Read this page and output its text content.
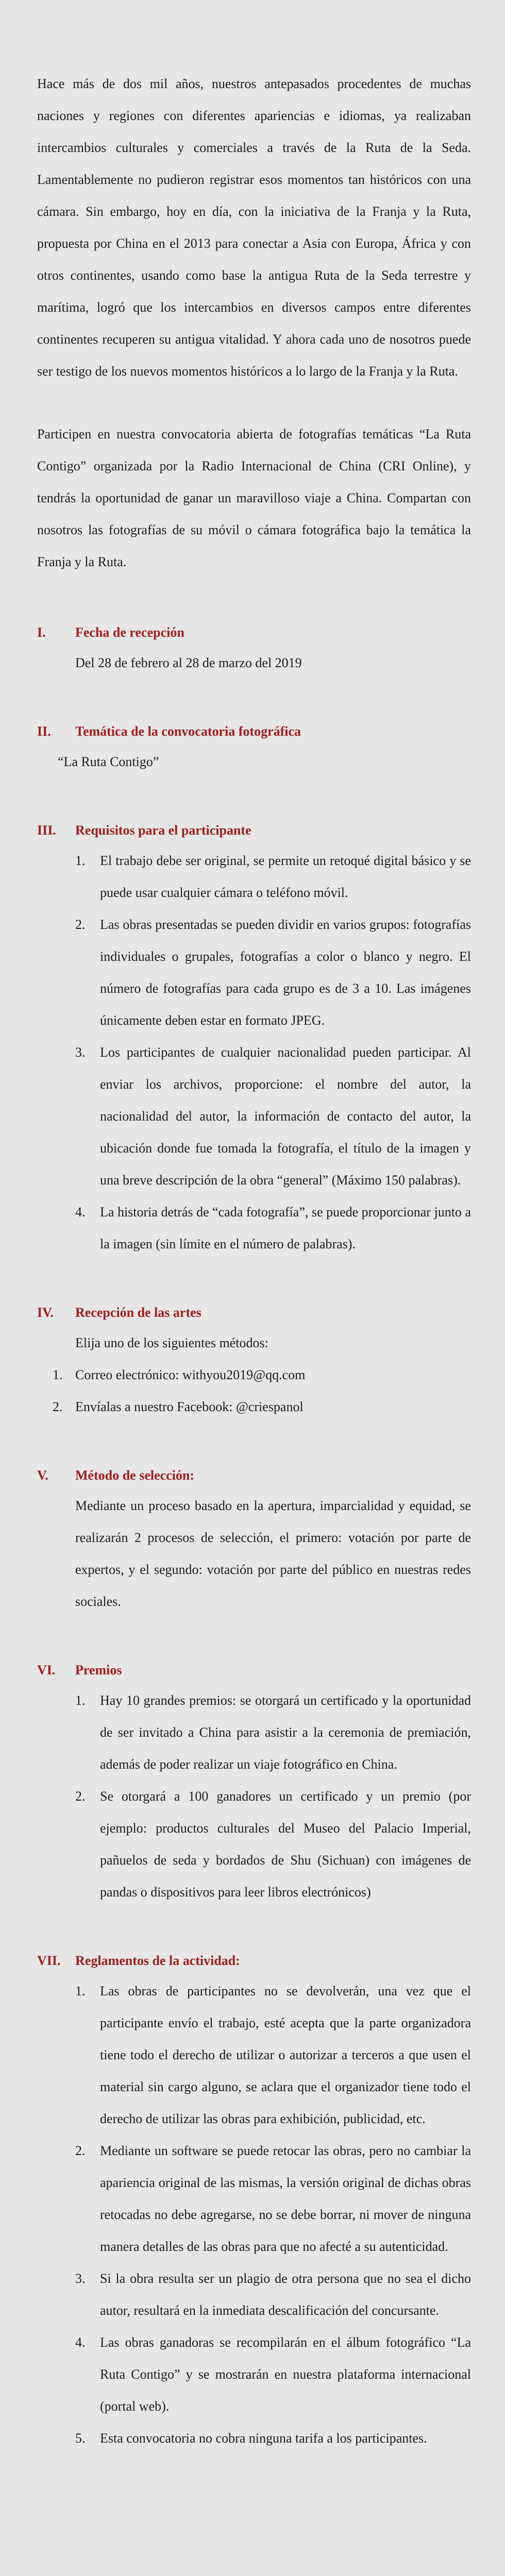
Hace más de dos mil años, nuestros antepasados procedentes de muchas naciones y regiones con diferentes apariencias e idiomas, ya realizaban intercambios culturales y comerciales a través de la Ruta de la Seda. Lamentablemente no pudieron registrar esos momentos tan históricos con una cámara. Sin embargo, hoy en día, con la iniciativa de la Franja y la Ruta, propuesta por China en el 2013 para conectar a Asia con Europa, África y con otros continentes, usando como base la antigua Ruta de la Seda terrestre y marítima, logró que los intercambios en diversos campos entre diferentes continentes recuperen su antigua vitalidad. Y ahora cada uno de nosotros puede ser testigo de los nuevos momentos históricos a lo largo de la Franja y la Ruta.

Participen en nuestra convocatoria abierta de fotografías temáticas “La Ruta Contigo” organizada por la Radio Internacional de China (CRI Online), y tendrás la oportunidad de ganar un maravilloso viaje a China. Compartan con nosotros las fotografías de su móvil o cámara fotográfica bajo la temática la Franja y la Ruta.

I.	Fecha de recepción
Del 28 de febrero al 28 de marzo del 2019
II.	Temática de la convocatoria fotográfica
“La Ruta Contigo”
III.	Requisitos para el participante
1.	El trabajo debe ser original, se permite un retoqué digital básico y se puede usar cualquier cámara o teléfono móvil.
2.	Las obras presentadas se pueden dividir en varios grupos: fotografías individuales o grupales, fotografías a color o blanco y negro. El número de fotografías para cada grupo es de 3 a 10. Las imágenes únicamente deben estar en formato JPEG.
3.	Los participantes de cualquier nacionalidad pueden participar. Al enviar los archivos, proporcione: el nombre del autor, la nacionalidad del autor, la información de contacto del autor, la ubicación donde fue tomada la fotografía, el título de la imagen y una breve descripción de la obra “general” (Máximo 150 palabras).
4.	La historia detrás de “cada fotografía”, se puede proporcionar junto a la imagen (sin límite en el número de palabras).
IV.	Recepción de las artes
Elija uno de los siguientes métodos:
1. Correo electrónico: withyou2019@qq.com
2. Envíalas a nuestro Facebook: @criespanol
V.	Método de selección:
Mediante un proceso basado en la apertura, imparcialidad y equidad, se realizarán 2 procesos de selección, el primero: votación por parte de expertos, y el segundo: votación por parte del público en nuestras redes sociales.
VI.	Premios
1.	Hay 10 grandes premios: se otorgará un certificado y la oportunidad de ser invitado a China para asistir a la ceremonia de premiación, además de poder realizar un viaje fotográfico en China.
2.	Se otorgará a 100 ganadores un certificado y un premio (por ejemplo: productos culturales del Museo del Palacio Imperial, pañuelos de seda y bordados de Shu (Sichuan) con imágenes de pandas o dispositivos para leer libros electrónicos)
VII.	Reglamentos de la actividad:
1.	Las obras de participantes no se devolverán, una vez que el participante envío el trabajo, esté acepta que la parte organizadora tiene todo el derecho de utilizar o autorizar a terceros a que usen el material sin cargo alguno, se aclara que el organizador tiene todo el derecho de utilizar las obras para exhibición, publicidad, etc.
2.	Mediante un software se puede retocar las obras, pero no cambiar la apariencia original de las mismas, la versión original de dichas obras retocadas no debe agregarse, no se debe borrar, ni mover de ninguna manera detalles de las obras para que no afecté a su autenticidad.
3.	Si la obra resulta ser un plagio de otra persona que no sea el dicho autor, resultará en la inmediata descalificación del concursante.
4.	Las obras ganadoras se recompilarán en el álbum fotográfico “La Ruta Contigo” y se mostrarán en nuestra plataforma internacional (portal web).
5.	Esta convocatoria no cobra ninguna tarifa a los participantes.
